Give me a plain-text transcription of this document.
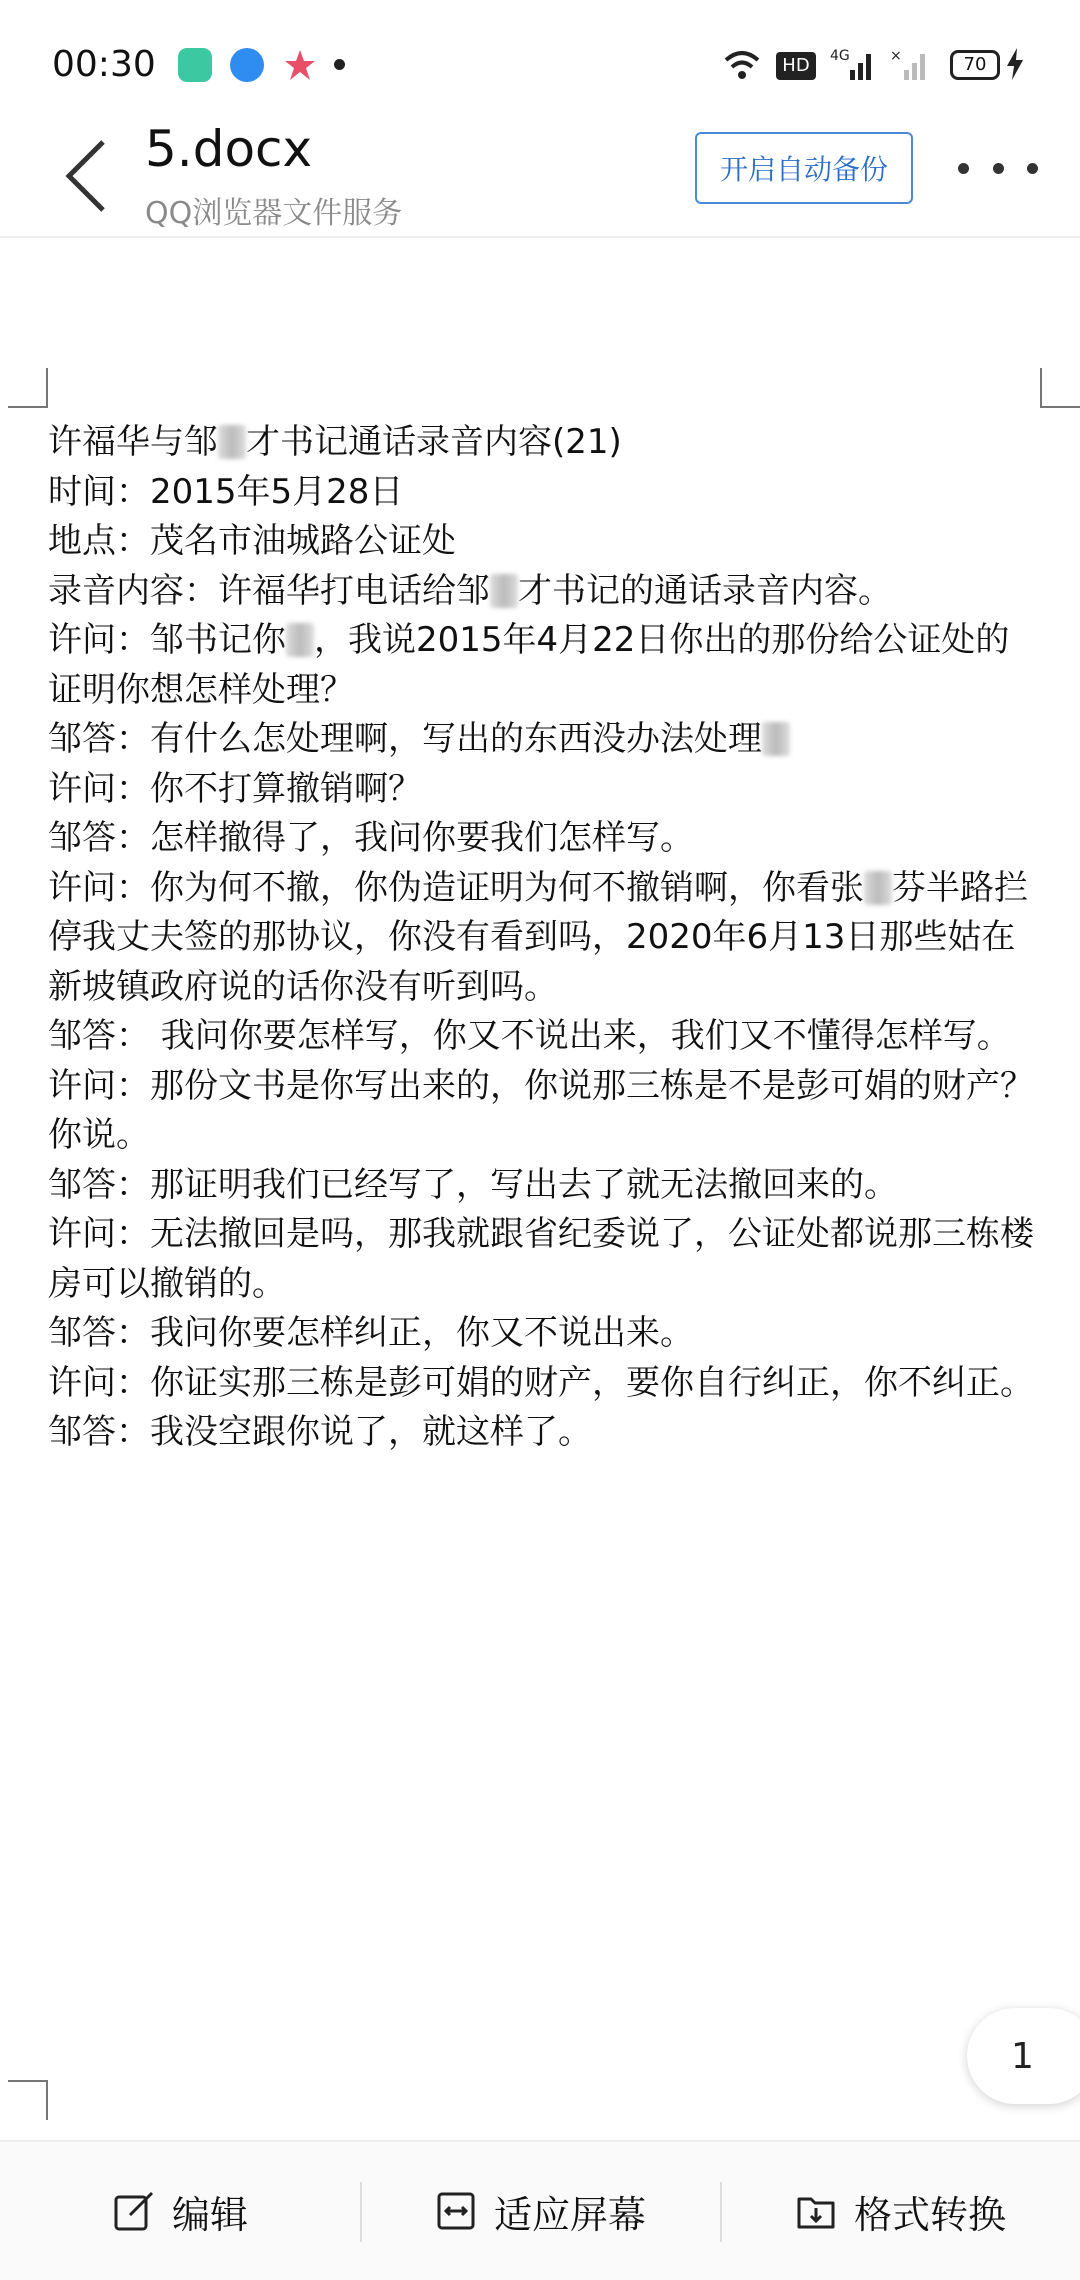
00:30	HD	4G	×	70
5.docx
QQ浏览器文件服务
开启自动备份

许福华与邹 才书记通话录音内容(21)

时间：2015年5月28日

地点：茂名市油城路公证处

录音内容：许福华打电话给邹 才书记的通话录音内容。

许问：邹书记你 ，我说2015年4月22日你出的那份给公证处的证明你想怎样处理？

邹答：有什么怎处理啊，写出的东西没办法处理

许问：你不打算撤销啊？

邹答：怎样撤得了，我问你要我们怎样写。

许问：你为何不撤，你伪造证明为何不撤销啊，你看张 芬半路拦停我丈夫签的那协议，你没有看到吗，2020年6月13日那些姑在新坡镇政府说的话你没有听到吗。

邹答： 我问你要怎样写，你又不说出来，我们又不懂得怎样写。

许问：那份文书是你写出来的，你说那三栋是不是彭可娟的财产？你说。

邹答：那证明我们已经写了，写出去了就无法撤回来的。

许问：无法撤回是吗，那我就跟省纪委说了，公证处都说那三栋楼房可以撤销的。

邹答：我问你要怎样纠正，你又不说出来。

许问：你证实那三栋是彭可娟的财产，要你自行纠正，你不纠正。

邹答：我没空跟你说了，就这样了。

1
编辑	适应屏幕	格式转换
